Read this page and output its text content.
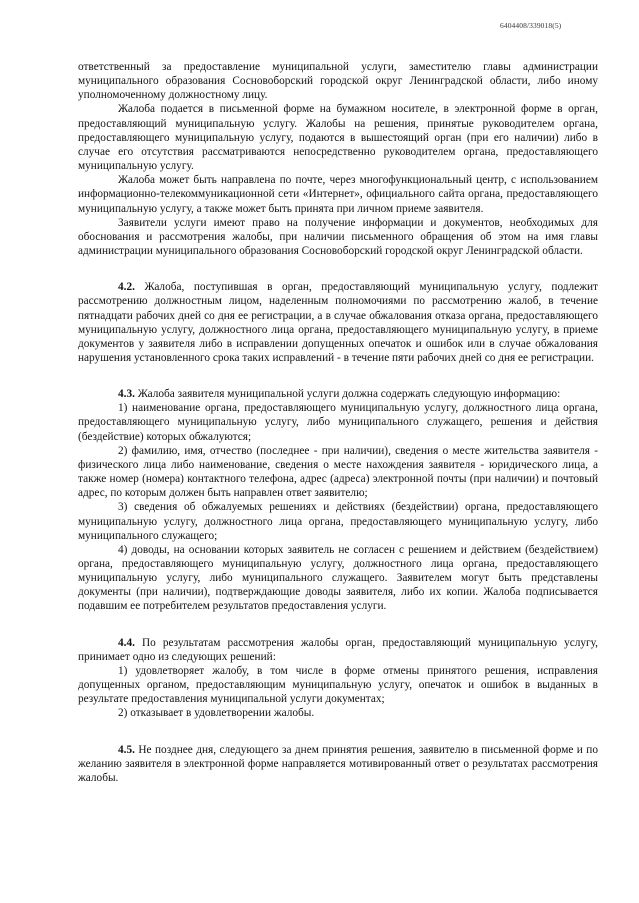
6404408/339018(5)

ответственный за предоставление муниципальной услуги, заместителю главы администрации муниципального образования Сосновоборский городской округ Ленинградской области, либо иному уполномоченному должностному лицу.

Жалоба подается в письменной форме на бумажном носителе, в электронной форме в орган, предоставляющий муниципальную услугу. Жалобы на решения, принятые руководителем органа, предоставляющего муниципальную услугу, подаются в вышестоящий орган (при его наличии) либо в случае его отсутствия рассматриваются непосредственно руководителем органа, предоставляющего муниципальную услугу.

Жалоба может быть направлена по почте, через многофункциональный центр, с использованием информационно-телекоммуникационной сети «Интернет», официального сайта органа, предоставляющего муниципальную услугу, а также может быть принята при личном приеме заявителя.

Заявители услуги имеют право на получение информации и документов, необходимых для обоснования и рассмотрения жалобы, при наличии письменного обращения об этом на имя главы администрации муниципального образования Сосновоборский городской округ Ленинградской области.

4.2. Жалоба, поступившая в орган, предоставляющий муниципальную услугу, подлежит рассмотрению должностным лицом, наделенным полномочиями по рассмотрению жалоб, в течение пятнадцати рабочих дней со дня ее регистрации, а в случае обжалования отказа органа, предоставляющего муниципальную услугу, должностного лица органа, предоставляющего муниципальную услугу, в приеме документов у заявителя либо в исправлении допущенных опечаток и ошибок или в случае обжалования нарушения установленного срока таких исправлений - в течение пяти рабочих дней со дня ее регистрации.

4.3. Жалоба заявителя муниципальной услуги должна содержать следующую информацию:

1) наименование органа, предоставляющего муниципальную услугу, должностного лица органа, предоставляющего муниципальную услугу, либо муниципального служащего, решения и действия (бездействие) которых обжалуются;

2) фамилию, имя, отчество (последнее - при наличии), сведения о месте жительства заявителя - физического лица либо наименование, сведения о месте нахождения заявителя - юридического лица, а также номер (номера) контактного телефона, адрес (адреса) электронной почты (при наличии) и почтовый адрес, по которым должен быть направлен ответ заявителю;

3) сведения об обжалуемых решениях и действиях (бездействии) органа, предоставляющего муниципальную услугу, должностного лица органа, предоставляющего муниципальную услугу, либо муниципального служащего;

4) доводы, на основании которых заявитель не согласен с решением и действием (бездействием) органа, предоставляющего муниципальную услугу, должностного лица органа, предоставляющего муниципальную услугу, либо муниципального служащего. Заявителем могут быть представлены документы (при наличии), подтверждающие доводы заявителя, либо их копии. Жалоба подписывается подавшим ее потребителем результатов предоставления услуги.

4.4. По результатам рассмотрения жалобы орган, предоставляющий муниципальную услугу, принимает одно из следующих решений:

1) удовлетворяет жалобу, в том числе в форме отмены принятого решения, исправления допущенных органом, предоставляющим муниципальную услугу, опечаток и ошибок в выданных в результате предоставления муниципальной услуги документах;

2) отказывает в удовлетворении жалобы.

4.5. Не позднее дня, следующего за днем принятия решения, заявителю в письменной форме и по желанию заявителя в электронной форме направляется мотивированный ответ о результатах рассмотрения жалобы.
